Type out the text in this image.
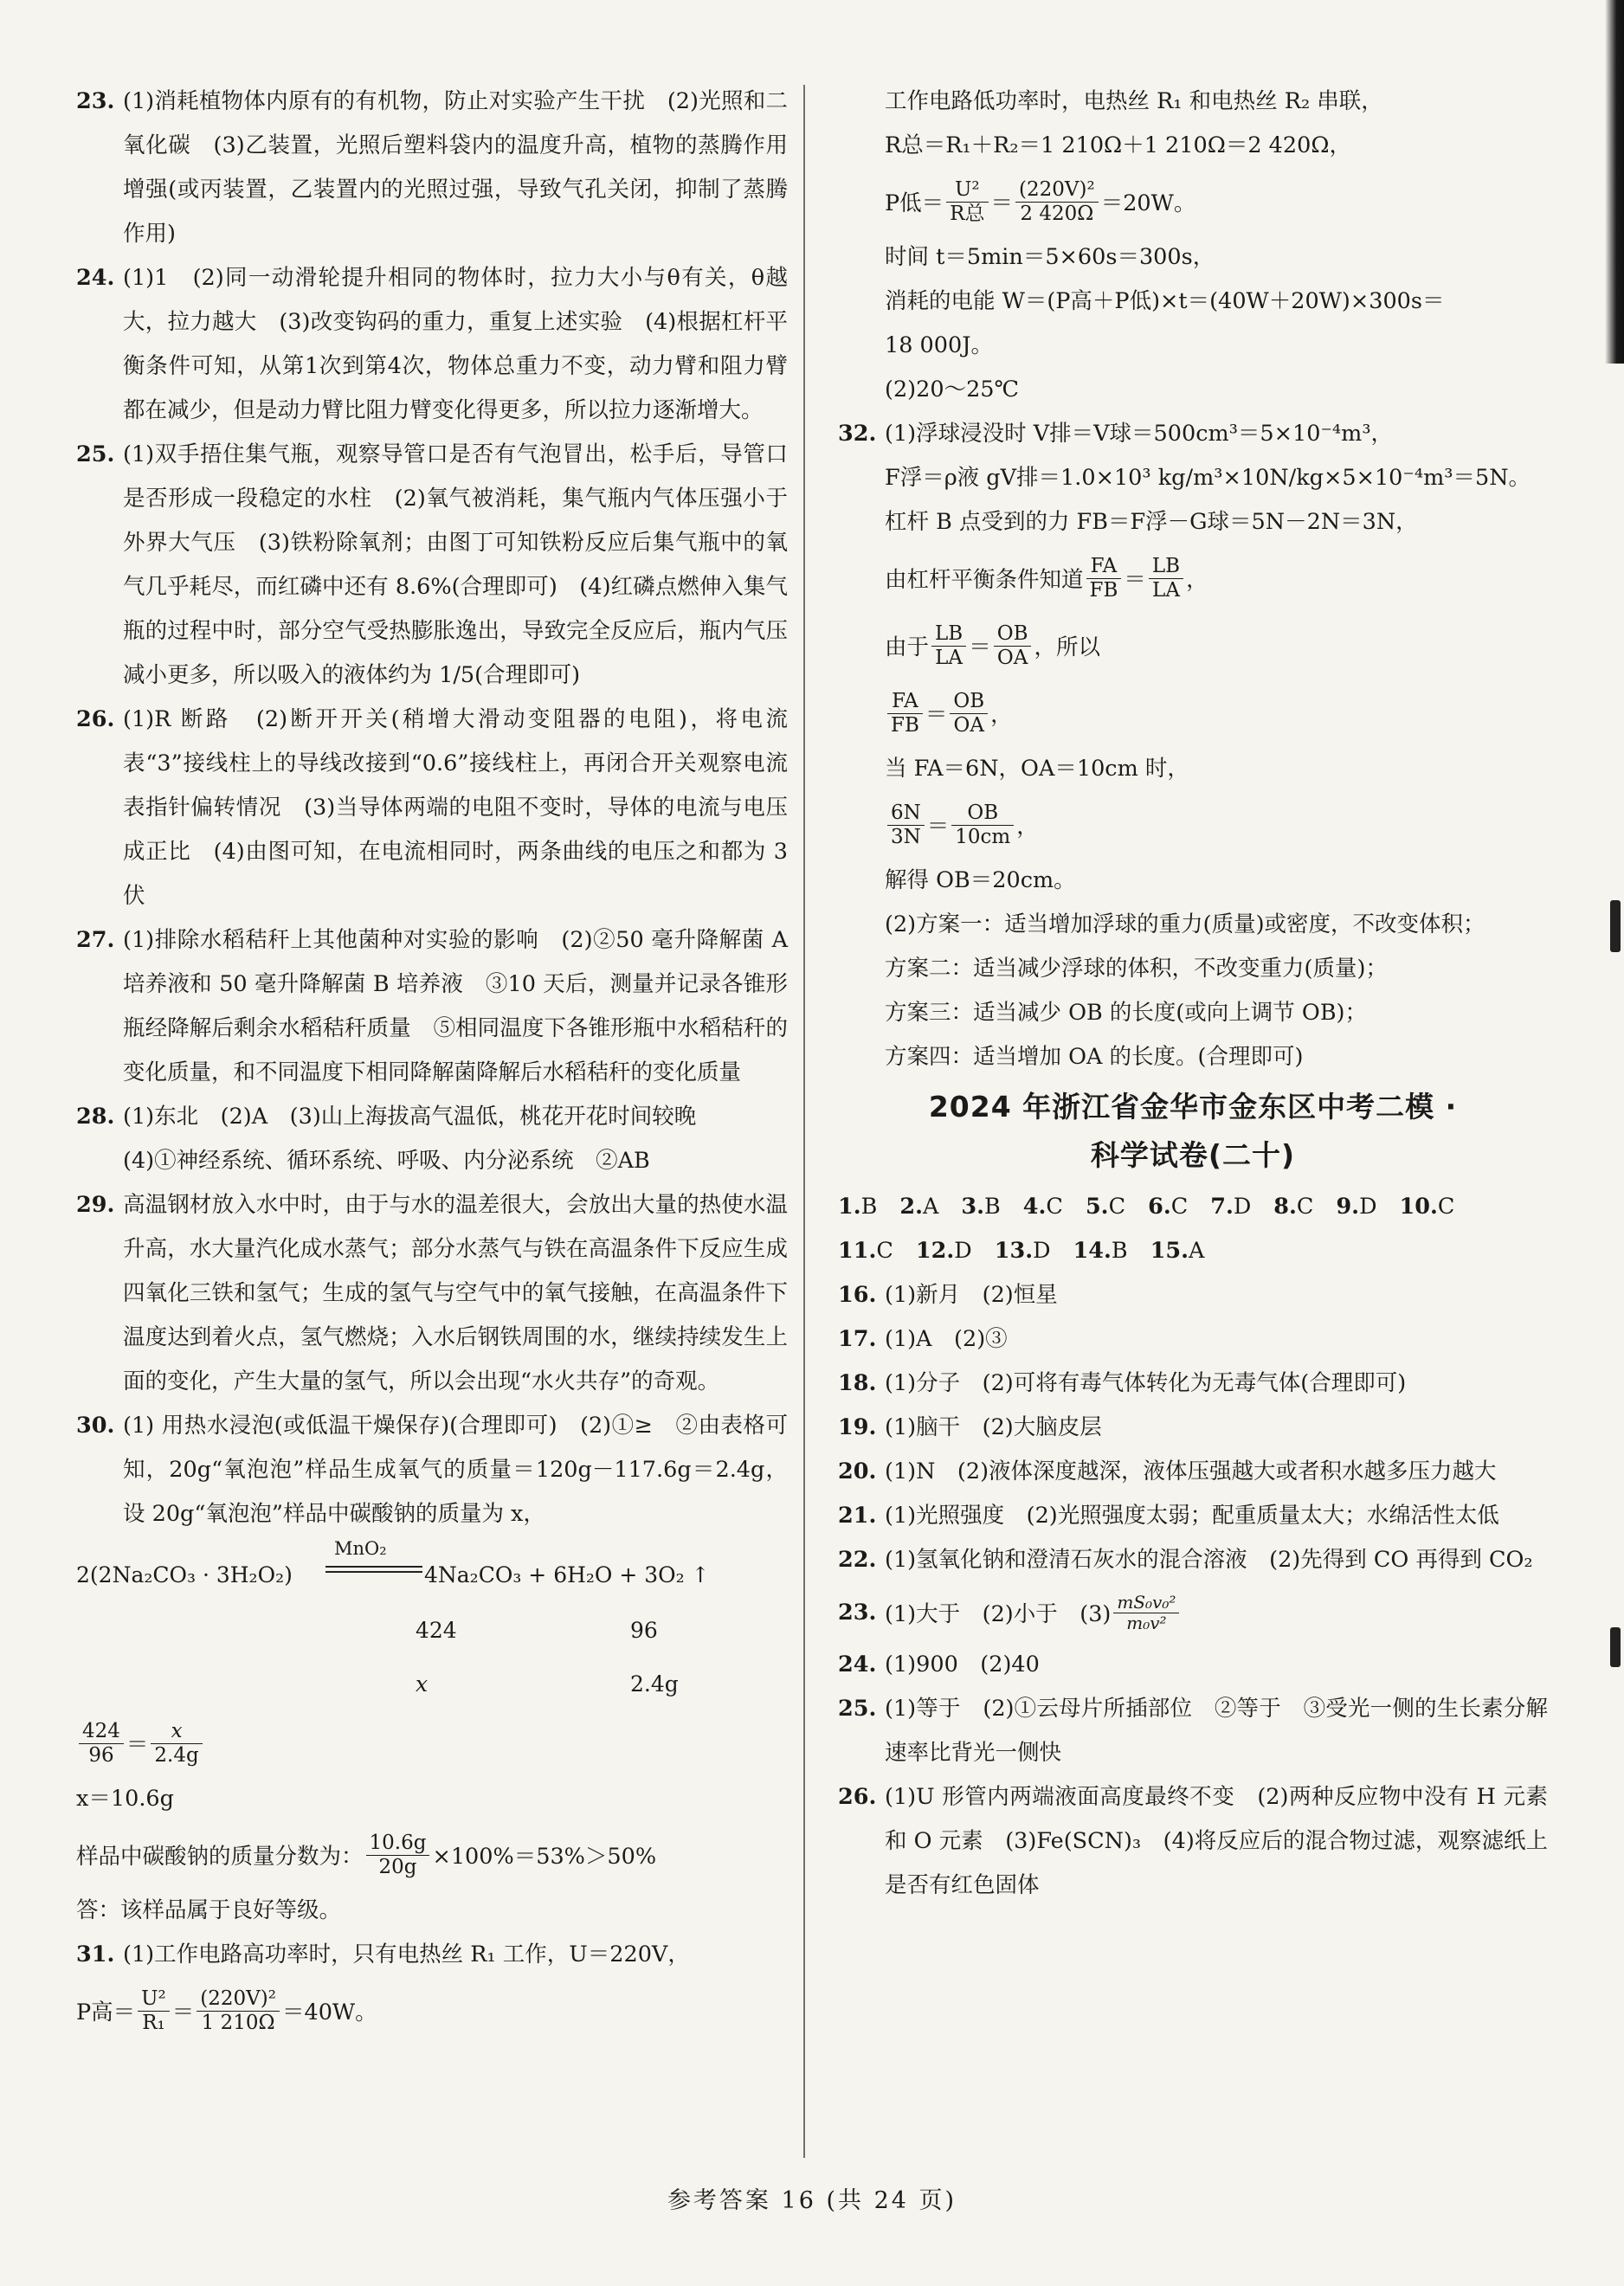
23. (1)消耗植物体内原有的有机物，防止对实验产生干扰　(2)光照和二氧化碳　(3)乙装置，光照后塑料袋内的温度升高，植物的蒸腾作用增强(或丙装置，乙装置内的光照过强，导致气孔关闭，抑制了蒸腾作用)
24. (1)1　(2)同一动滑轮提升相同的物体时，拉力大小与θ有关，θ越大，拉力越大　(3)改变钩码的重力，重复上述实验　(4)根据杠杆平衡条件可知，从第1次到第4次，物体总重力不变，动力臂和阻力臂都在减少，但是动力臂比阻力臂变化得更多，所以拉力逐渐增大。
25. (1)双手捂住集气瓶，观察导管口是否有气泡冒出，松手后，导管口是否形成一段稳定的水柱　(2)氧气被消耗，集气瓶内气体压强小于外界大气压　(3)铁粉除氧剂；由图丁可知铁粉反应后集气瓶中的氧气几乎耗尽，而红磷中还有 8.6%(合理即可)　(4)红磷点燃伸入集气瓶的过程中时，部分空气受热膨胀逸出，导致完全反应后，瓶内气压减小更多，所以吸入的液体约为 1/5(合理即可)
26. (1)R 断路　(2)断开开关(稍增大滑动变阻器的电阻)，将电流表“3”接线柱上的导线改接到“0.6”接线柱上，再闭合开关观察电流表指针偏转情况　(3)当导体两端的电阻不变时，导体的电流与电压成正比　(4)由图可知，在电流相同时，两条曲线的电压之和都为 3 伏
27. (1)排除水稻秸秆上其他菌种对实验的影响　(2)②50 毫升降解菌 A 培养液和 50 毫升降解菌 B 培养液　③10 天后，测量并记录各锥形瓶经降解后剩余水稻秸秆质量　⑤相同温度下各锥形瓶中水稻秸秆的变化质量，和不同温度下相同降解菌降解后水稻秸秆的变化质量
28. (1)东北　(2)A　(3)山上海拔高气温低，桃花开花时间较晚
(4)①神经系统、循环系统、呼吸、内分泌系统　②AB
29. 高温钢材放入水中时，由于与水的温差很大，会放出大量的热使水温升高，水大量汽化成水蒸气；部分水蒸气与铁在高温条件下反应生成四氧化三铁和氢气；生成的氢气与空气中的氧气接触，在高温条件下温度达到着火点，氢气燃烧；入水后钢铁周围的水，继续持续发生上面的变化，产生大量的氢气，所以会出现“水火共存”的奇观。
30. (1) 用热水浸泡(或低温干燥保存)(合理即可)　(2)①≥　②由表格可知，20g“氧泡泡”样品生成氧气的质量＝120g－117.6g＝2.4g，设 20g“氧泡泡”样品中碳酸钠的质量为 x，
2(2Na₂CO₃ · 3H₂O₂)
MnO₂
4Na₂CO₃ + 6H₂O + 3O₂ ↑
424	96
x	2.4g
$\frac{424}{96} = \frac{x}{2.4g}$
x＝10.6g
样品中碳酸钠的质量分数为： $\frac{10.6g}{20g} \times 100\%=53\%>50\%$
答：该样品属于良好等级。
31. (1)工作电路高功率时，只有电热丝 R₁ 工作，U＝220V，
P高＝ $\frac{\text{U²}}{\text{R₁}} = \frac{\text{(220V)²}}{1 210\Omega} =40W$。
工作电路低功率时，电热丝 R₁ 和电热丝 R₂ 串联，
R总＝R₁＋R₂＝1 210Ω＋1 210Ω＝2 420Ω，
P低＝ $\frac{\text{U²}}{\text{R总}} = \frac{\text{(220V)²}}{2 420\Omega} =20W$。
时间 t＝5min＝5×60s＝300s，
消耗的电能 W＝(P高＋P低)×t＝(40W＋20W)×300s＝
18 000J。
(2)20～25℃
32. (1)浮球浸没时 V排＝V球＝500cm³＝5×10⁻⁴m³，
F浮＝ρ液 gV排＝1.0×10³ kg/m³×10N/kg×5×10⁻⁴m³＝5N。
杠杆 B 点受到的力 FB＝F浮－G球＝5N－2N＝3N，
由杠杆平衡条件知道 $\frac{FA}{FB} = \frac{LB}{LA}$ ，
由于 $\frac{LB}{LA} = \frac{OB}{OA}$ ，所以
$\frac{FA}{FB} = \frac{OB}{OA}$ ，
当 FA＝6N，OA＝10cm 时，
$\frac{6N}{3N} = \frac{OB}{10cm}$ ，
解得 OB＝20cm。
(2)方案一：适当增加浮球的重力(质量)或密度，不改变体积；
方案二：适当减少浮球的体积，不改变重力(质量)；
方案三：适当减少 OB 的长度(或向上调节 OB)；
方案四：适当增加 OA 的长度。(合理即可)
2024 年浙江省金华市金东区中考二模 ·
科学试卷(二十)
1.B 2.A 3.B 4.C 5.C 6.C 7.D 8.C 9.D 10.C
11.C 12.D 13.D 14.B 15.A
16. (1)新月　(2)恒星
17. (1)A　(2)③
18. (1)分子　(2)可将有毒气体转化为无毒气体(合理即可)
19. (1)脑干　(2)大脑皮层
20. (1)N　(2)液体深度越深，液体压强越大或者积水越多压力越大
21. (1)光照强度　(2)光照强度太弱；配重质量太大；水绵活性太低
22. (1)氢氧化钠和澄清石灰水的混合溶液　(2)先得到 CO 再得到 CO₂
23. (1)大于　(2)小于　$(3) \frac{\text{mS₀v₀²}}{\text{m₀v²}}$
24. (1)900　(2)40
25. (1)等于　(2)①云母片所插部位　②等于　③受光一侧的生长素分解速率比背光一侧快
26. (1)U 形管内两端液面高度最终不变　(2)两种反应物中没有 H 元素和 O 元素　(3)Fe(SCN)₃　(4)将反应后的混合物过滤，观察滤纸上是否有红色固体
参考答案 16 (共 24 页)
